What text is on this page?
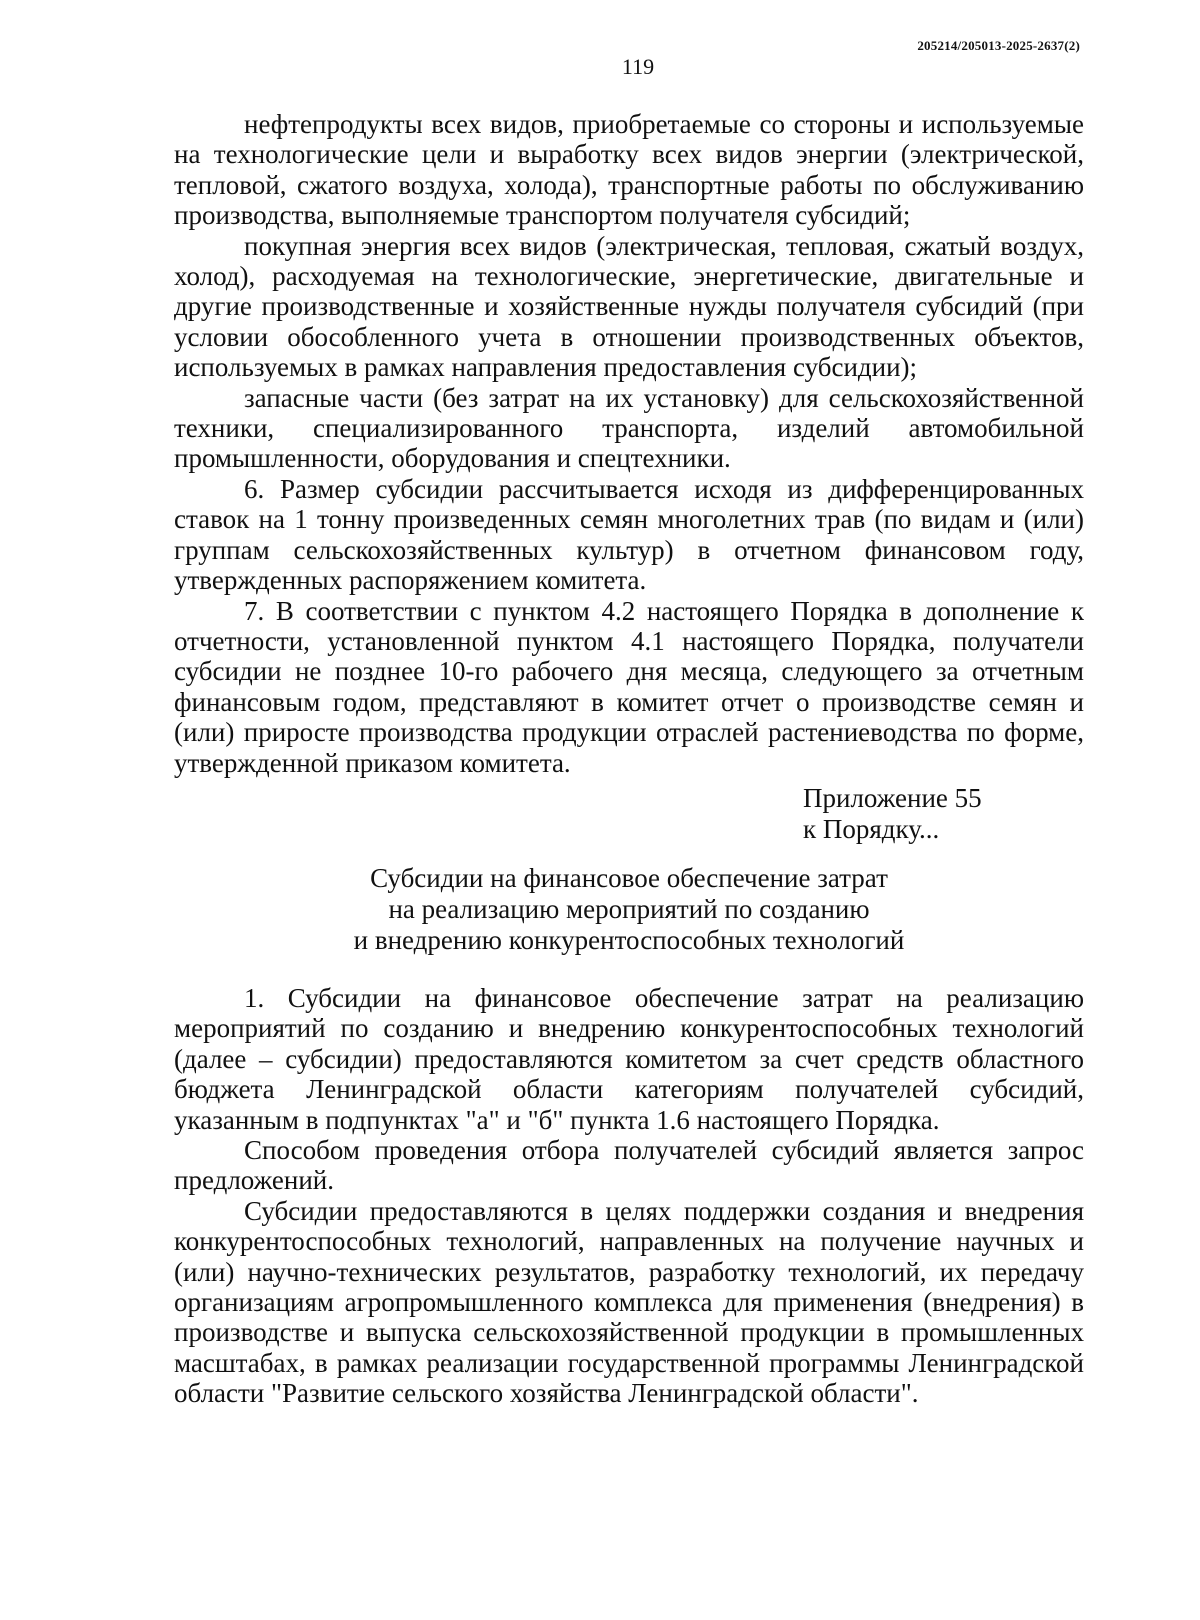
205214/205013-2025-2637(2)
119

нефтепродукты всех видов, приобретаемые со стороны и используемые на технологические цели и выработку всех видов энергии (электрической, тепловой, сжатого воздуха, холода), транспортные работы по обслуживанию производства, выполняемые транспортом получателя субсидий;

покупная энергия всех видов (электрическая, тепловая, сжатый воздух, холод), расходуемая на технологические, энергетические, двигательные и другие производственные и хозяйственные нужды получателя субсидий (при условии обособленного учета в отношении производственных объектов, используемых в рамках направления предоставления субсидии);

запасные части (без затрат на их установку) для сельскохозяйственной техники, специализированного транспорта, изделий автомобильной промышленности, оборудования и спецтехники.

6. Размер субсидии рассчитывается исходя из дифференцированных ставок на 1 тонну произведенных семян многолетних трав (по видам и (или) группам сельскохозяйственных культур) в отчетном финансовом году, утвержденных распоряжением комитета.

7. В соответствии с пунктом 4.2 настоящего Порядка в дополнение к отчетности, установленной пунктом 4.1 настоящего Порядка, получатели субсидии не позднее 10-го рабочего дня месяца, следующего за отчетным финансовым годом, представляют в комитет отчет о производстве семян и (или) приросте производства продукции отраслей растениеводства по форме, утвержденной приказом комитета.

Приложение 55
к Порядку...
Субсидии на финансовое обеспечение затрат
на реализацию мероприятий по созданию
и внедрению конкурентоспособных технологий

1. Субсидии на финансовое обеспечение затрат на реализацию мероприятий по созданию и внедрению конкурентоспособных технологий (далее – субсидии) предоставляются комитетом за счет средств областного бюджета Ленинградской области категориям получателей субсидий, указанным в подпунктах "а" и "б" пункта 1.6 настоящего Порядка.

Способом проведения отбора получателей субсидий является запрос предложений.

Субсидии предоставляются в целях поддержки создания и внедрения конкурентоспособных технологий, направленных на получение научных и (или) научно-технических результатов, разработку технологий, их передачу организациям агропромышленного комплекса для применения (внедрения) в производстве и выпуска сельскохозяйственной продукции в промышленных масштабах, в рамках реализации государственной программы Ленинградской области "Развитие сельского хозяйства Ленинградской области".
